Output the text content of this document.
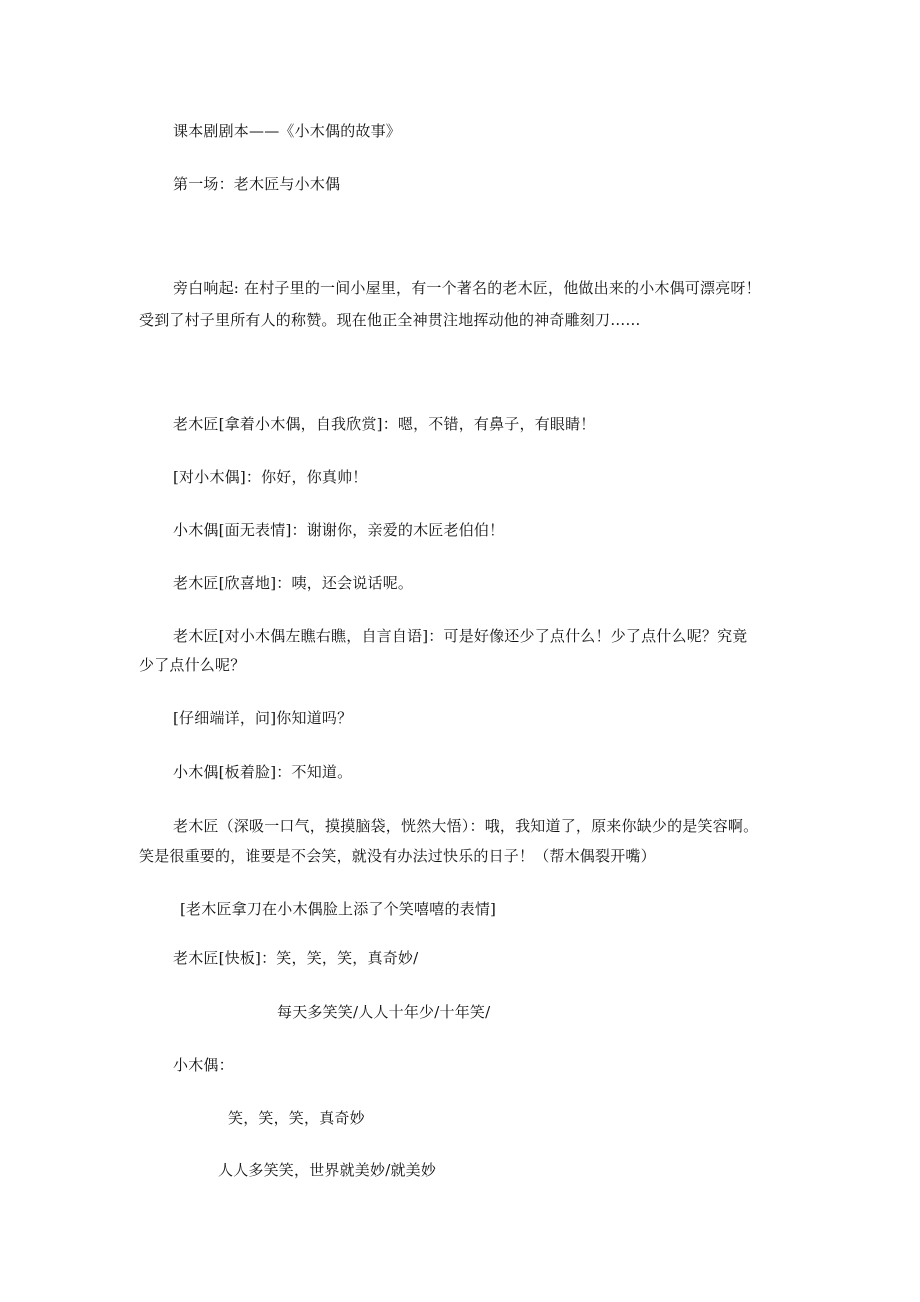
课本剧剧本——《小木偶的故事》
第一场：老木匠与小木偶
旁白响起: 在村子里的一间小屋里，有一个著名的老木匠，他做出来的小木偶可漂亮呀！
受到了村子里所有人的称赞。现在他正全神贯注地挥动他的神奇雕刻刀……
老木匠[拿着小木偶，自我欣赏]：嗯，不错，有鼻子，有眼睛！
[对小木偶]：你好，你真帅！
小木偶[面无表情]：谢谢你，亲爱的木匠老伯伯！
老木匠[欣喜地]：咦，还会说话呢。
老木匠[对小木偶左瞧右瞧，自言自语]：可是好像还少了点什么！少了点什么呢？究竟
少了点什么呢？
[仔细端详，问]你知道吗？
小木偶[板着脸]：不知道。
老木匠（深吸一口气，摸摸脑袋，恍然大悟）：哦，我知道了，原来你缺少的是笑容啊。
笑是很重要的，谁要是不会笑，就没有办法过快乐的日子！（帮木偶裂开嘴）
[老木匠拿刀在小木偶脸上添了个笑嘻嘻的表情]
老木匠[快板]：笑，笑，笑，真奇妙/
每天多笑笑/人人十年少/十年笑/
小木偶：
笑，笑，笑，真奇妙
人人多笑笑，世界就美妙/就美妙
